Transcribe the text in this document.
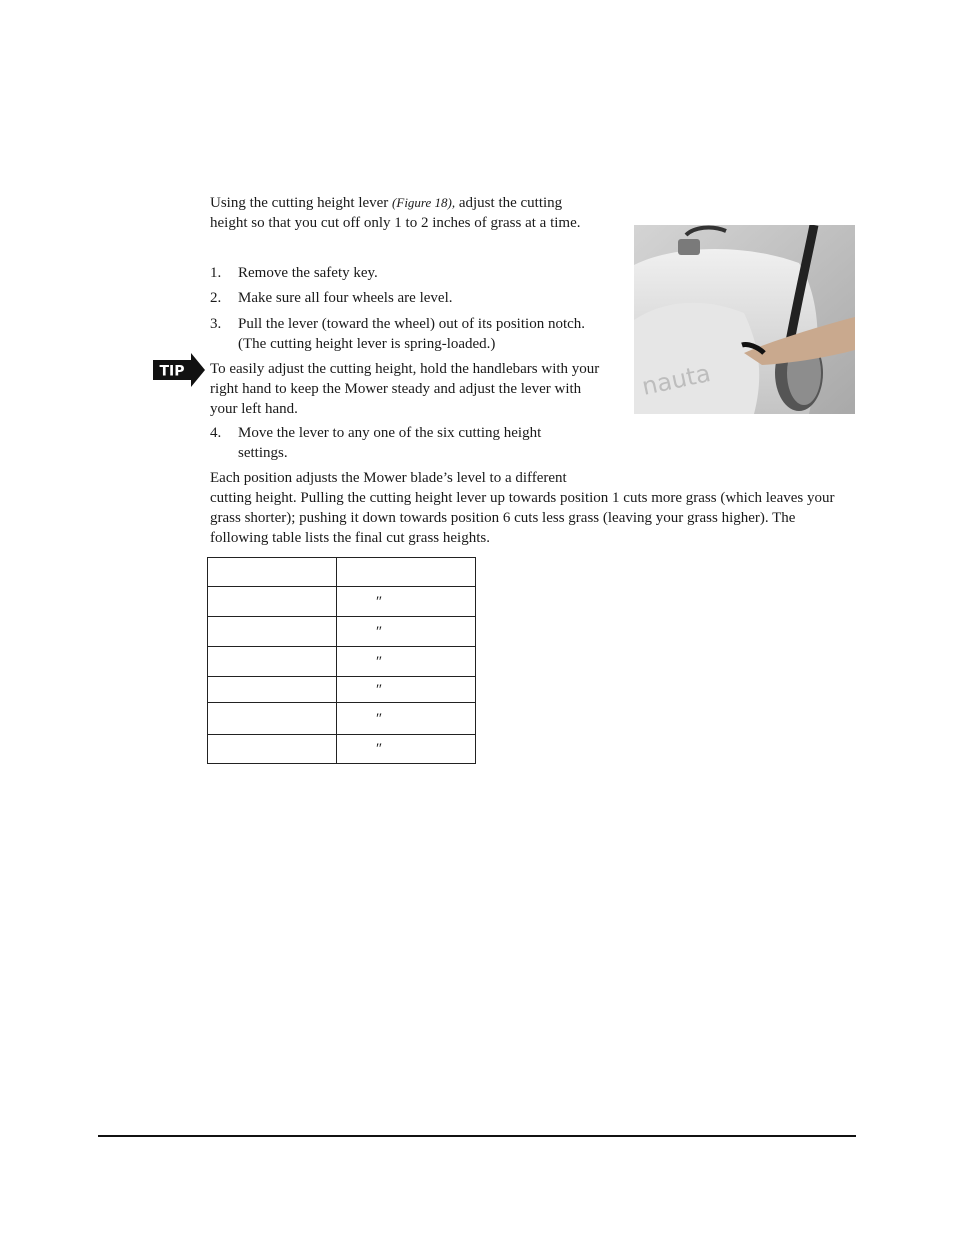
Using the cutting height lever (Figure 18), adjust the cutting height so that you cut off only 1 to 2 inches of grass at a time.
1. Remove the safety key.
2. Make sure all four wheels are level.
3. Pull the lever (toward the wheel) out of its position notch. (The cutting height lever is spring-loaded.)
TIP To easily adjust the cutting height, hold the handlebars with your right hand to keep the Mower steady and adjust the lever with your left hand.
4. Move the lever to any one of the six cutting height settings.
Each position adjusts the Mower blade’s level to a different
cutting height. Pulling the cutting height lever up towards position 1 cuts more grass (which leaves your grass shorter); pushing it down towards position 6 cuts less grass (leaving your grass higher). The following table lists the final cut grass heights.
nauta

	″
	″
	″
	″
	″
	″
